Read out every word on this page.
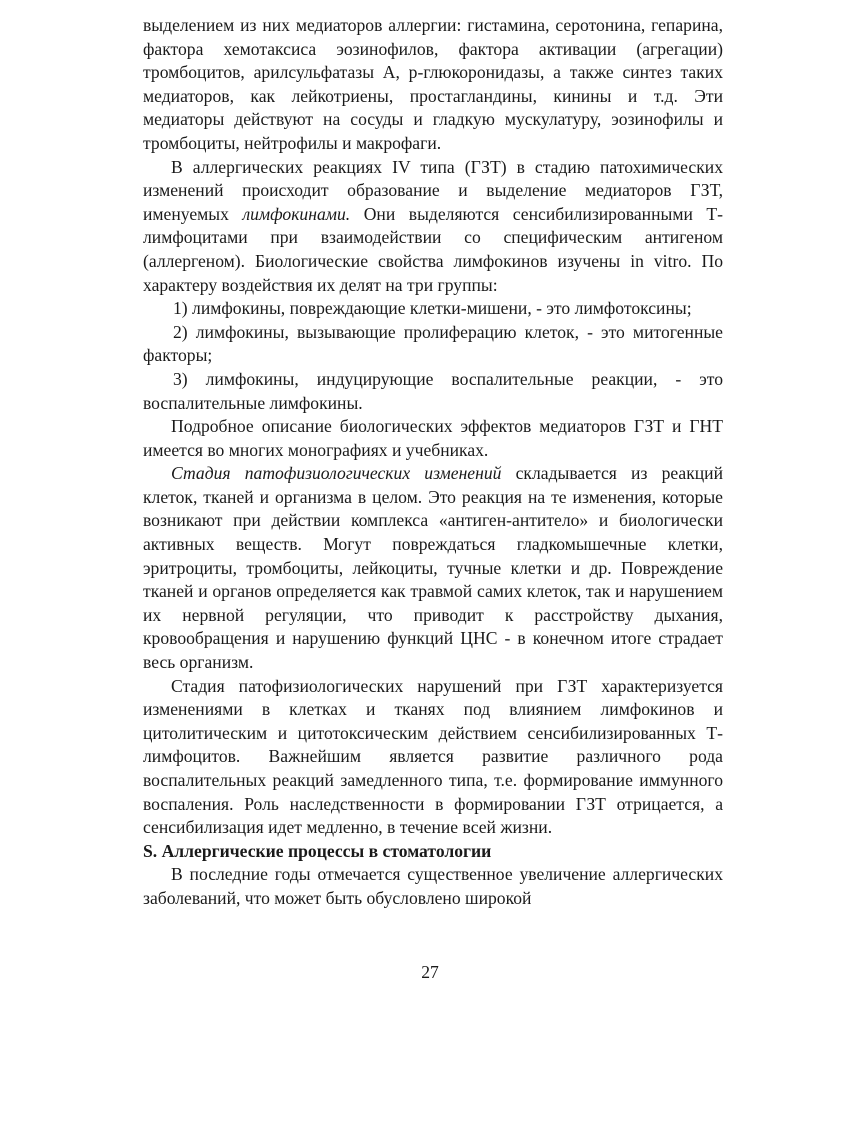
выделением из них медиаторов аллергии: гистамина, серотонина, гепарина, фактора хемотаксиса эозинофилов, фактора активации (агрегации) тромбоцитов, арилсульфатазы А, р-глюкоронидазы, а также синтез таких медиаторов, как лейкотриены, простагландины, кинины и т.д. Эти медиаторы действуют на сосуды и гладкую мускулатуру, эозинофилы и тромбоциты, нейтрофилы и макрофаги.

В аллергических реакциях IV типа (ГЗТ) в стадию патохимических изменений происходит образование и выделение медиаторов ГЗТ, именуемых лимфокинами. Они выделяются сенсибилизированными Т-лимфоцитами при взаимодействии со специфическим антигеном (аллергеном). Биологические свойства лимфокинов изучены in vitro. По характеру воздействия их делят на три группы:

1) лимфокины, повреждающие клетки-мишени, - это лимфотоксины;

2) лимфокины, вызывающие пролиферацию клеток, - это митогенные факторы;

3) лимфокины, индуцирующие воспалительные реакции, - это воспалительные лимфокины.

Подробное описание биологических эффектов медиаторов ГЗТ и ГНТ имеется во многих монографиях и учебниках.

Стадия патофизиологических изменений складывается из реакций клеток, тканей и организма в целом. Это реакция на те изменения, которые возникают при действии комплекса «антиген-антитело» и биологически активных веществ. Могут повреждаться гладкомышечные клетки, эритроциты, тромбоциты, лейкоциты, тучные клетки и др. Повреждение тканей и органов определяется как травмой самих клеток, так и нарушением их нервной регуляции, что приводит к расстройству дыхания, кровообращения и нарушению функций ЦНС - в конечном итоге страдает весь организм.

Стадия патофизиологических нарушений при ГЗТ характеризуется изменениями в клетках и тканях под влиянием лимфокинов и цитолитическим и цитотоксическим действием сенсибилизированных Т-лимфоцитов. Важнейшим является развитие различного рода воспалительных реакций замедленного типа, т.е. формирование иммунного воспаления. Роль наследственности в формировании ГЗТ отрицается, а сенсибилизация идет медленно, в течение всей жизни.

S. Аллергические процессы в стоматологии

В последние годы отмечается существенное увеличение аллергических заболеваний, что может быть обусловлено широкой

27
